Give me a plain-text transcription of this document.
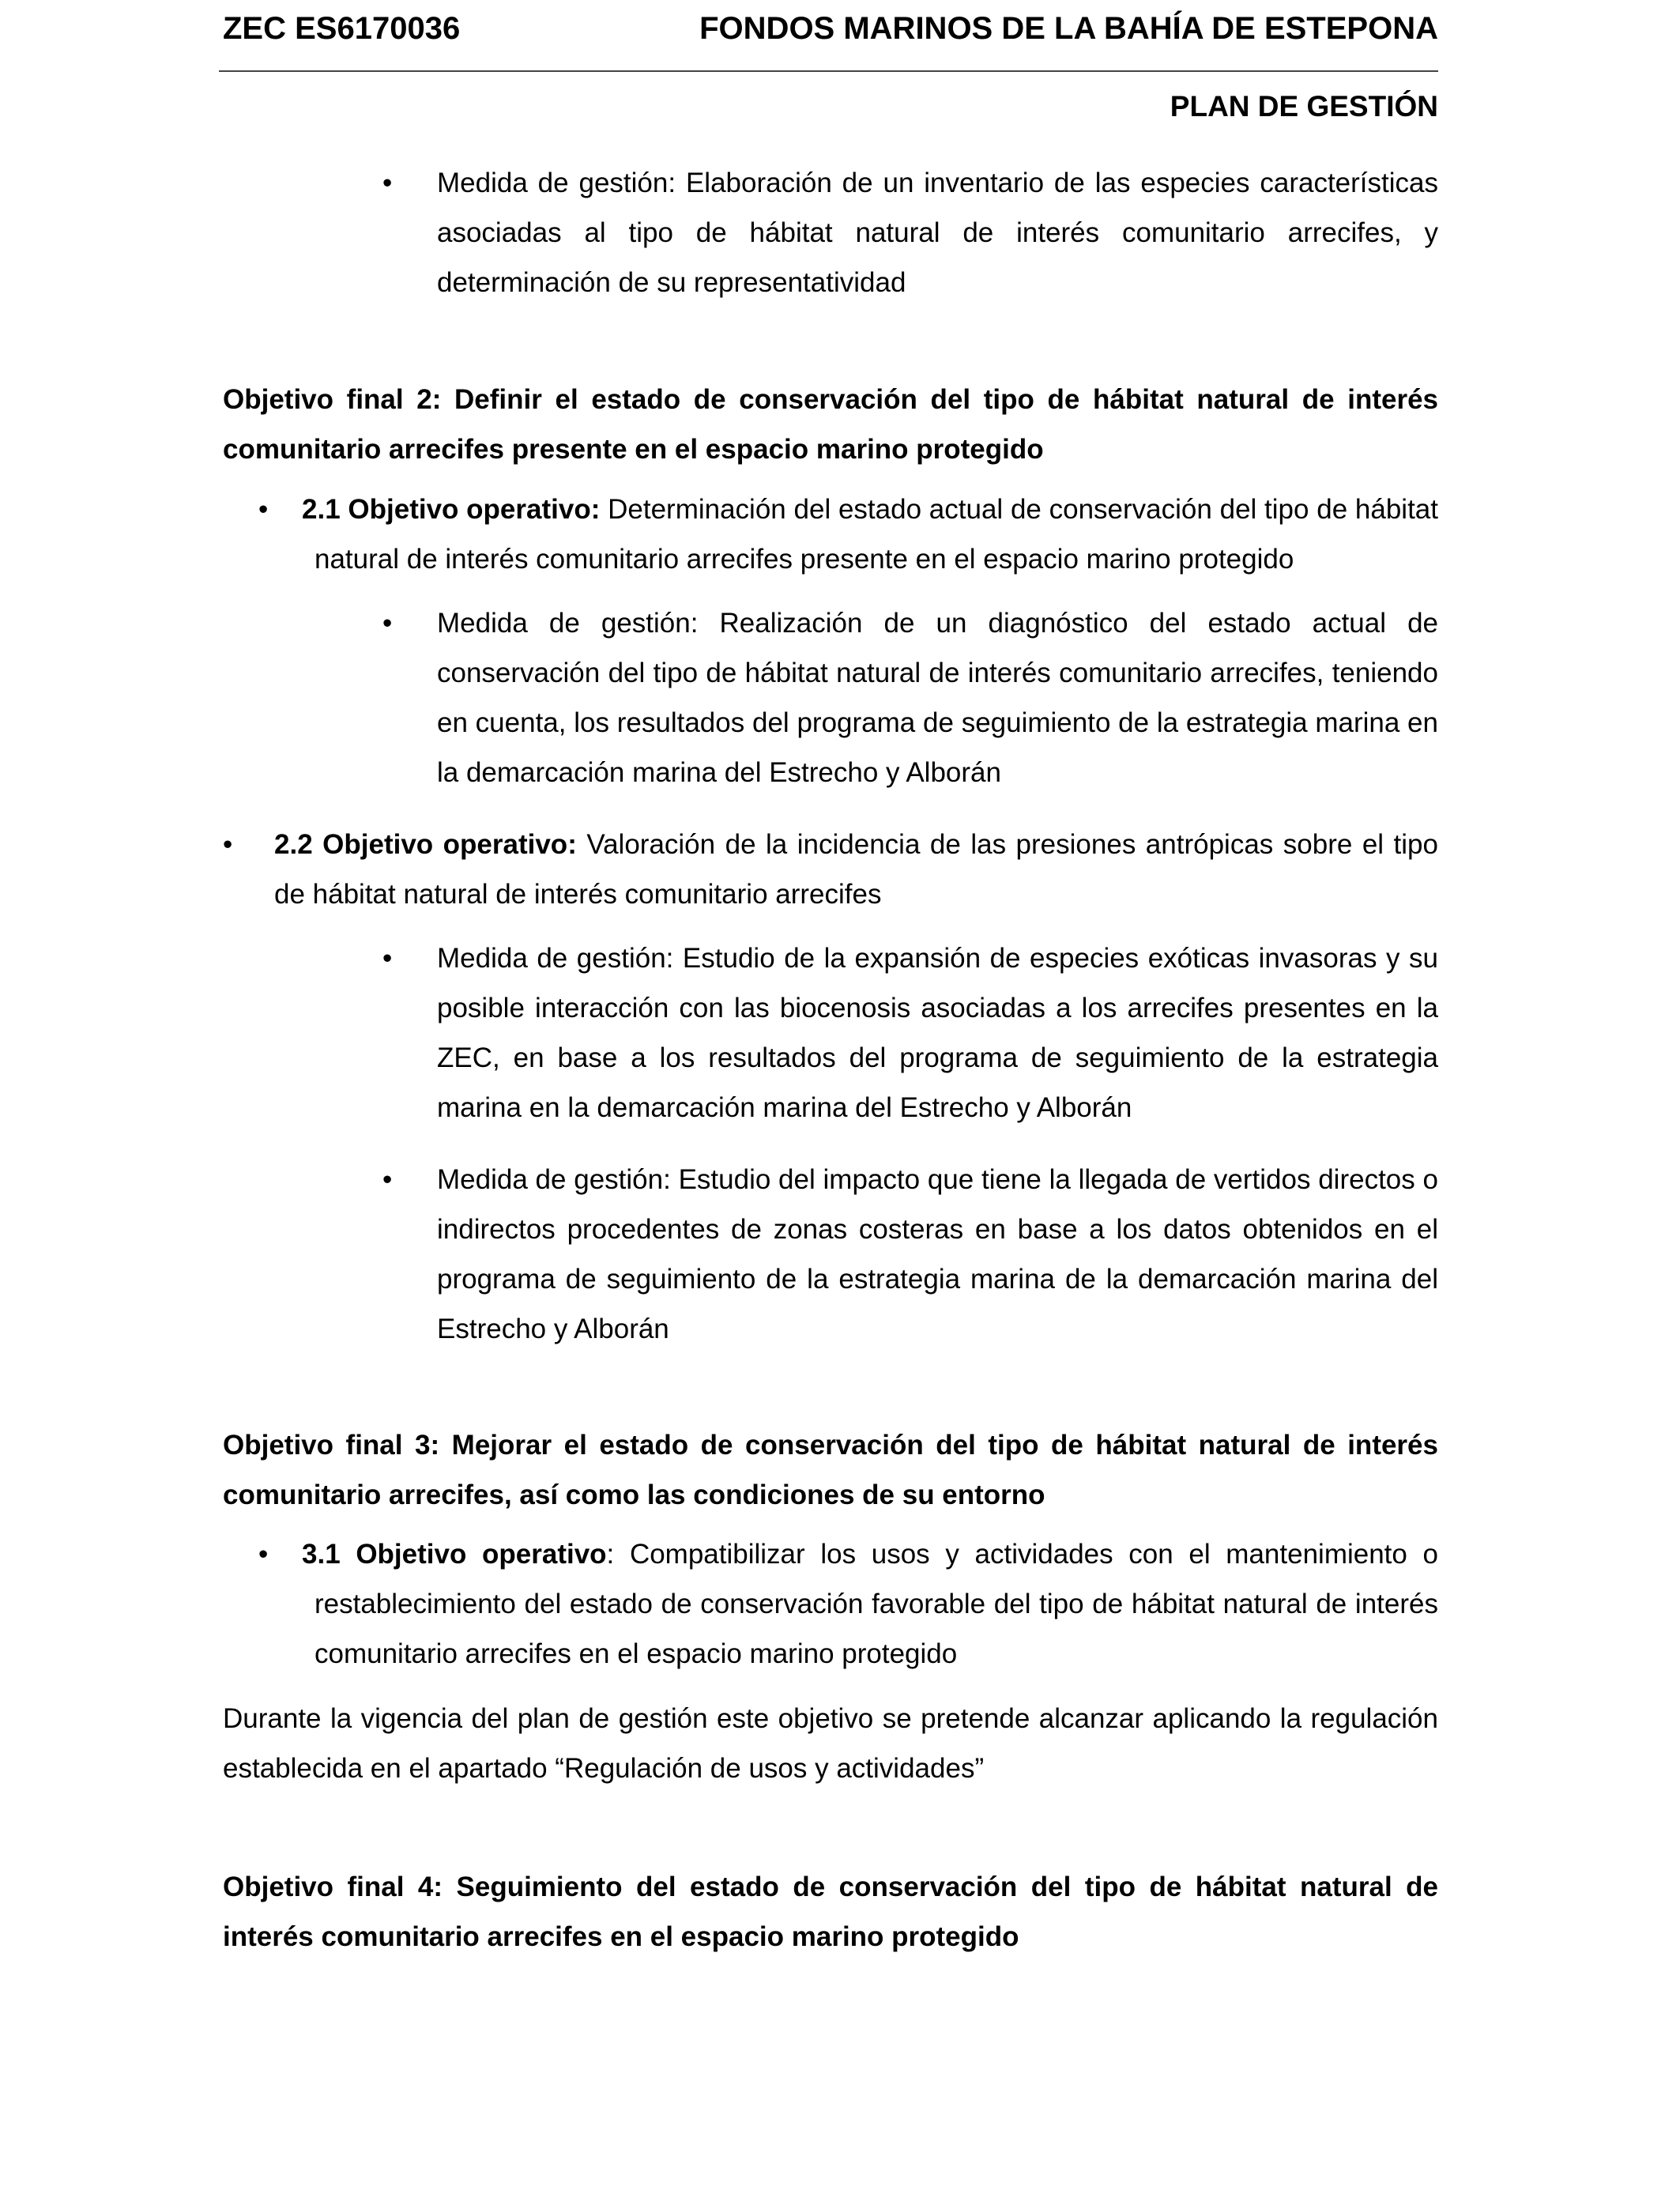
ZEC ES6170036	FONDOS MARINOS DE LA BAHÍA DE ESTEPONA
PLAN DE GESTIÓN
• Medida de gestión: Elaboración de un inventario de las especies características asociadas al tipo de hábitat natural de interés comunitario arrecifes, y determinación de su representatividad

Objetivo final 2: Definir el estado de conservación del tipo de hábitat natural de interés comunitario arrecifes presente en el espacio marino protegido

• 2.1 Objetivo operativo: Determinación del estado actual de conservación del tipo de hábitat natural de interés comunitario arrecifes presente en el espacio marino protegido

• Medida de gestión: Realización de un diagnóstico del estado actual de conservación del tipo de hábitat natural de interés comunitario arrecifes, teniendo en cuenta, los resultados del programa de seguimiento de la estrategia marina en la demarcación marina del Estrecho y Alborán

• 2.2 Objetivo operativo: Valoración de la incidencia de las presiones antrópicas sobre el tipo de hábitat natural de interés comunitario arrecifes

• Medida de gestión: Estudio de la expansión de especies exóticas invasoras y su posible interacción con las biocenosis asociadas a los arrecifes presentes en la ZEC, en base a los resultados del programa de seguimiento de la estrategia marina en la demarcación marina del Estrecho y Alborán

• Medida de gestión: Estudio del impacto que tiene la llegada de vertidos directos o indirectos procedentes de zonas costeras en base a los datos obtenidos en el programa de seguimiento de la estrategia marina de la demarcación marina del Estrecho y Alborán

Objetivo final 3: Mejorar el estado de conservación del tipo de hábitat natural de interés comunitario arrecifes, así como las condiciones de su entorno

• 3.1 Objetivo operativo: Compatibilizar los usos y actividades con el mantenimiento o restablecimiento del estado de conservación favorable del tipo de hábitat natural de interés comunitario arrecifes en el espacio marino protegido

Durante la vigencia del plan de gestión este objetivo se pretende alcanzar aplicando la regulación establecida en el apartado “Regulación de usos y actividades”

Objetivo final 4: Seguimiento del estado de conservación del tipo de hábitat natural de interés comunitario arrecifes en el espacio marino protegido
